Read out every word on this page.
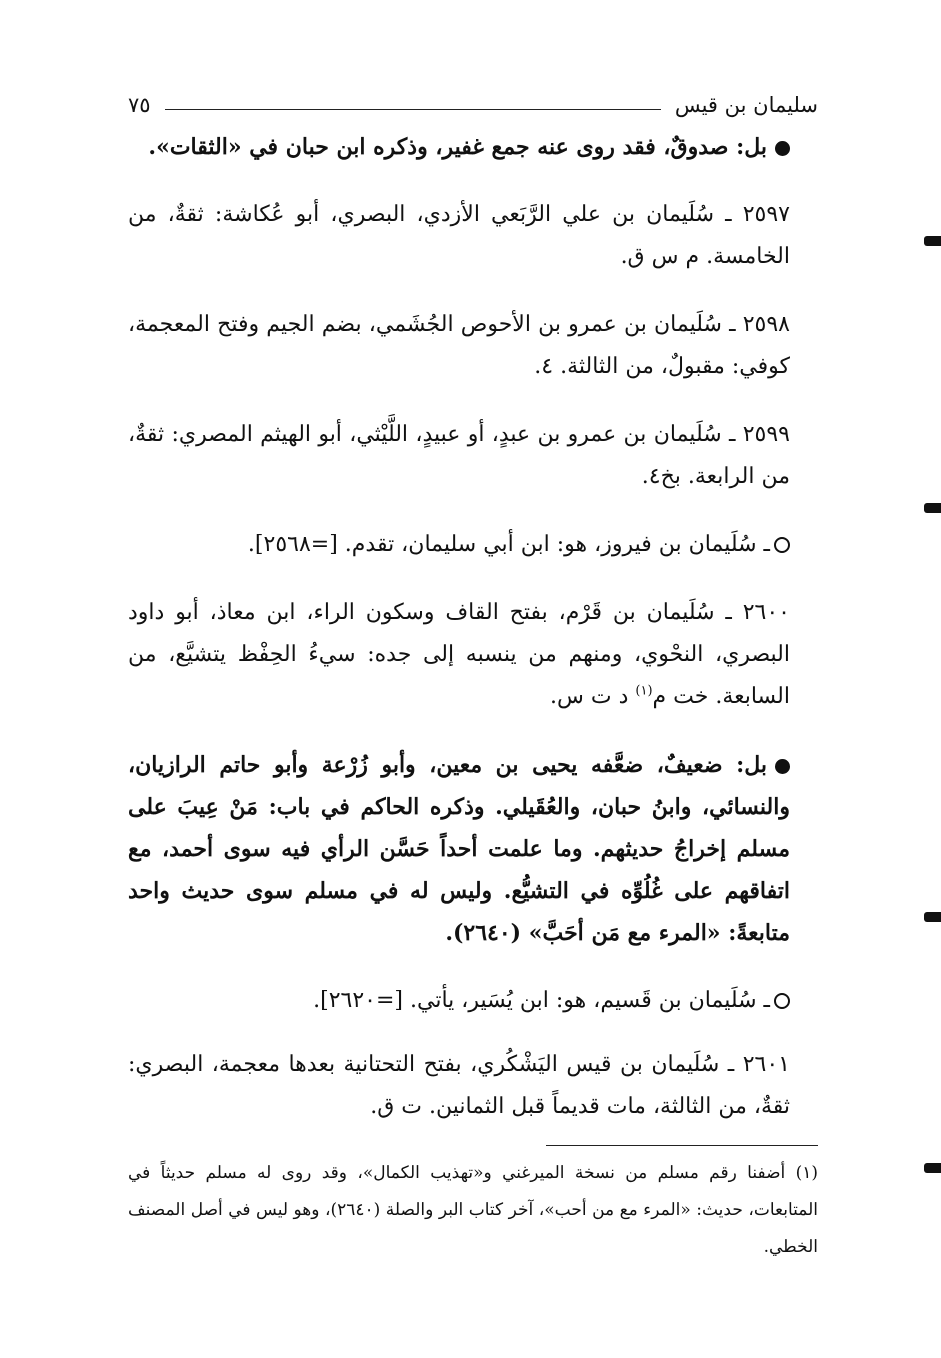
سليمان بن قيس
٧٥

بل: صدوقٌ، فقد روى عنه جمع غفير، وذكره ابن حبان في «الثقات».

٢٥٩٧ ـ سُلَيمان بن علي الرَّبَعي الأزدي، البصري، أبو عُكاشة: ثقةٌ، من الخامسة. م س ق.

٢٥٩٨ ـ سُلَيمان بن عمرو بن الأحوص الجُشَمي، بضم الجيم وفتح المعجمة، كوفي: مقبولٌ، من الثالثة. ٤.

٢٥٩٩ ـ سُلَيمان بن عمرو بن عبدٍ، أو عبيدٍ، اللَّيْثي، أبو الهيثم المصري: ثقةٌ، من الرابعة. بخ٤.

ـ سُلَيمان بن فيروز، هو: ابن أبي سليمان، تقدم. [=٢٥٦٨].

٢٦٠٠ ـ سُلَيمان بن قَرْم، بفتح القاف وسكون الراء، ابن معاذ، أبو داود البصري، النحْوي، ومنهم من ينسبه إلى جده: سيءُ الحِفْظ يتشيَّع، من السابعة. خت م$^{(١)}$ د ت س.

بل: ضعيفٌ، ضعَّفه يحيى بن معين، وأبو زُرْعة وأبو حاتم الرازيان، والنسائي، وابنُ حبان، والعُقَيلي. وذكره الحاكم في باب: مَنْ عِيبَ على مسلم إخراجُ حديثهم. وما علمت أحداً حَسَّن الرأي فيه سوى أحمد، مع اتفاقهم على غُلُوِّه في التشيُّع. وليس له في مسلم سوى حديث واحد متابعةً: «المرء مع مَن أحَبَّ» (٢٦٤٠).

ـ سُلَيمان بن قَسيم، هو: ابن يُسَير، يأتي. [=٢٦٢٠].

٢٦٠١ ـ سُلَيمان بن قيس اليَشْكُري، بفتح التحتانية بعدها معجمة، البصري: ثقةٌ، من الثالثة، مات قديماً قبل الثمانين. ت ق.

(١) أضفنا رقم مسلم من نسخة الميرغني و«تهذيب الكمال»، وقد روى له مسلم حديثاً في المتابعات، حديث: «المرء مع من أحب»، آخر كتاب البر والصلة (٢٦٤٠)، وهو ليس في أصل المصنف الخطي.
